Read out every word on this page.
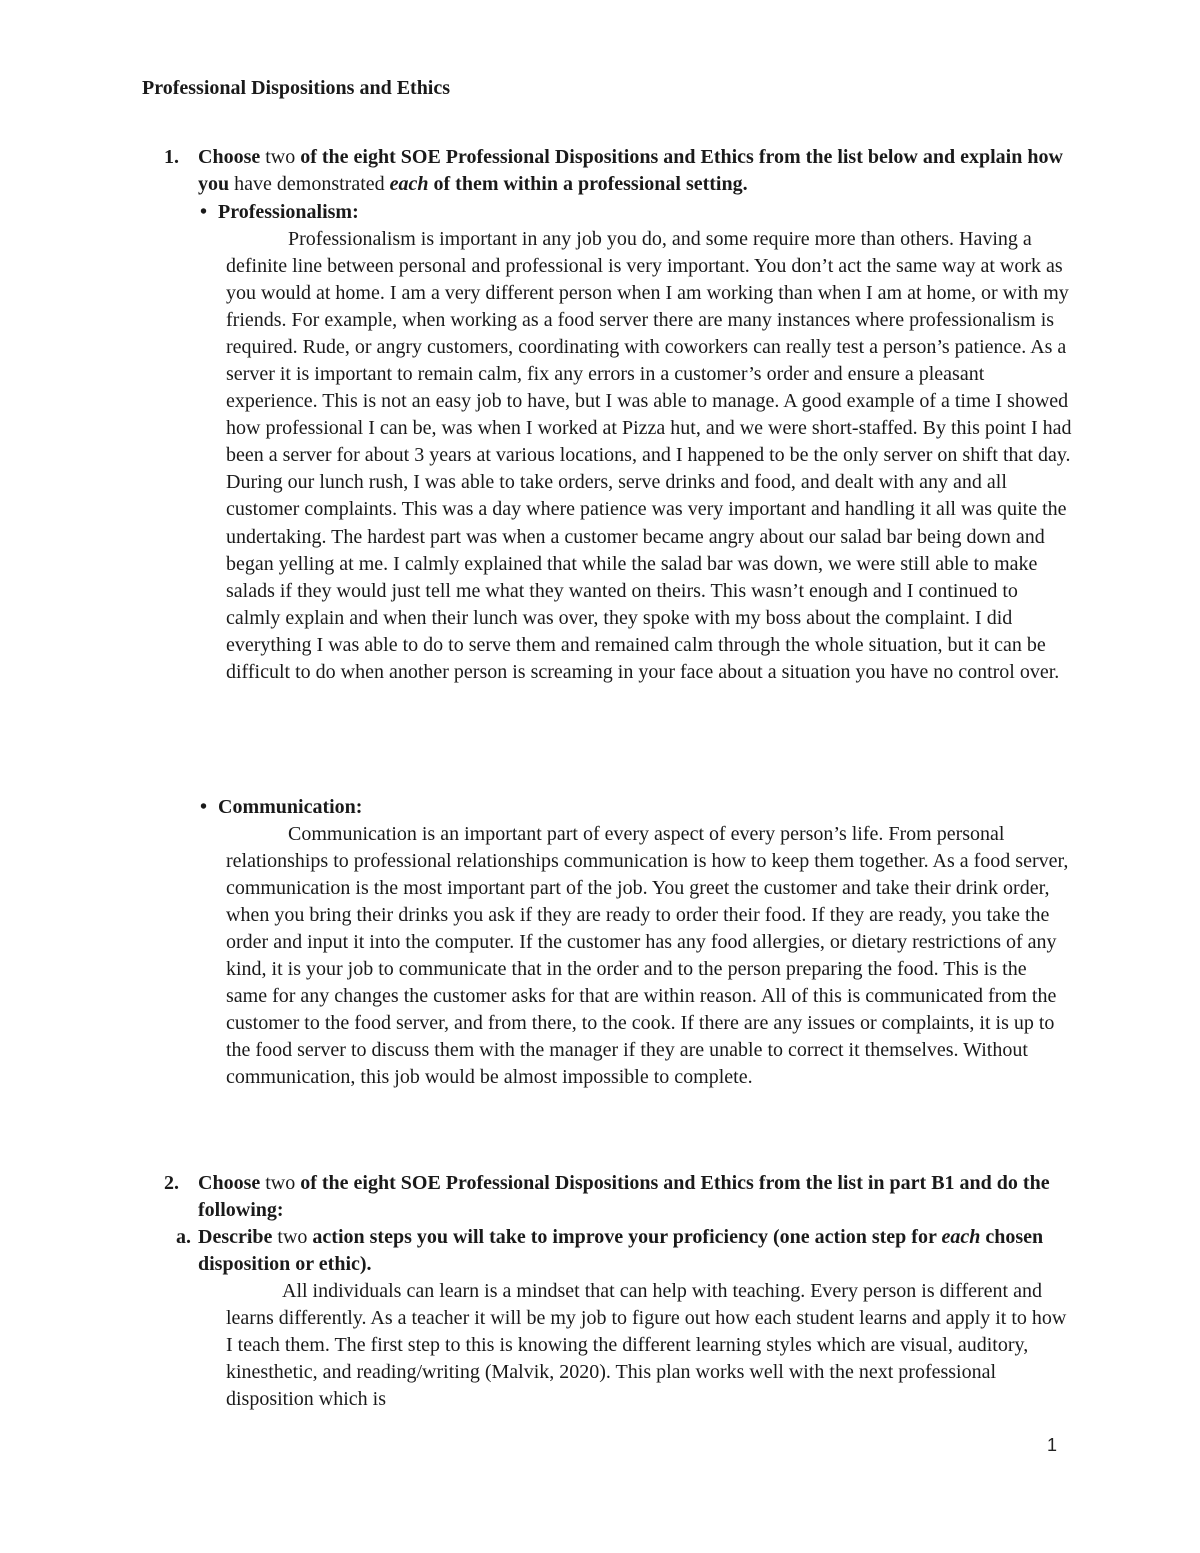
Professional Dispositions and Ethics
1. Choose two of the eight SOE Professional Dispositions and Ethics from the list below and explain how you have demonstrated each of them within a professional setting.
• Professionalism:

Professionalism is important in any job you do, and some require more than others. Having a definite line between personal and professional is very important. You don’t act the same way at work as you would at home. I am a very different person when I am working than when I am at home, or with my friends. For example, when working as a food server there are many instances where professionalism is required. Rude, or angry customers, coordinating with coworkers can really test a person’s patience. As a server it is important to remain calm, fix any errors in a customer’s order and ensure a pleasant experience. This is not an easy job to have, but I was able to manage. A good example of a time I showed how professional I can be, was when I worked at Pizza hut, and we were short-staffed. By this point I had been a server for about 3 years at various locations, and I happened to be the only server on shift that day. During our lunch rush, I was able to take orders, serve drinks and food, and dealt with any and all customer complaints. This was a day where patience was very important and handling it all was quite the undertaking. The hardest part was when a customer became angry about our salad bar being down and began yelling at me. I calmly explained that while the salad bar was down, we were still able to make salads if they would just tell me what they wanted on theirs. This wasn’t enough and I continued to calmly explain and when their lunch was over, they spoke with my boss about the complaint. I did everything I was able to do to serve them and remained calm through the whole situation, but it can be difficult to do when another person is screaming in your face about a situation you have no control over.

• Communication:

Communication is an important part of every aspect of every person’s life. From personal relationships to professional relationships communication is how to keep them together. As a food server, communication is the most important part of the job. You greet the customer and take their drink order, when you bring their drinks you ask if they are ready to order their food. If they are ready, you take the order and input it into the computer. If the customer has any food allergies, or dietary restrictions of any kind, it is your job to communicate that in the order and to the person preparing the food. This is the same for any changes the customer asks for that are within reason. All of this is communicated from the customer to the food server, and from there, to the cook. If there are any issues or complaints, it is up to the food server to discuss them with the manager if they are unable to correct it themselves. Without communication, this job would be almost impossible to complete.

2. Choose two of the eight SOE Professional Dispositions and Ethics from the list in part B1 and do the following:
a. Describe two action steps you will take to improve your proficiency (one action step for each chosen disposition or ethic).

All individuals can learn is a mindset that can help with teaching. Every person is different and learns differently. As a teacher it will be my job to figure out how each student learns and apply it to how I teach them. The first step to this is knowing the different learning styles which are visual, auditory, kinesthetic, and reading/writing (Malvik, 2020). This plan works well with the next professional disposition which is

1
